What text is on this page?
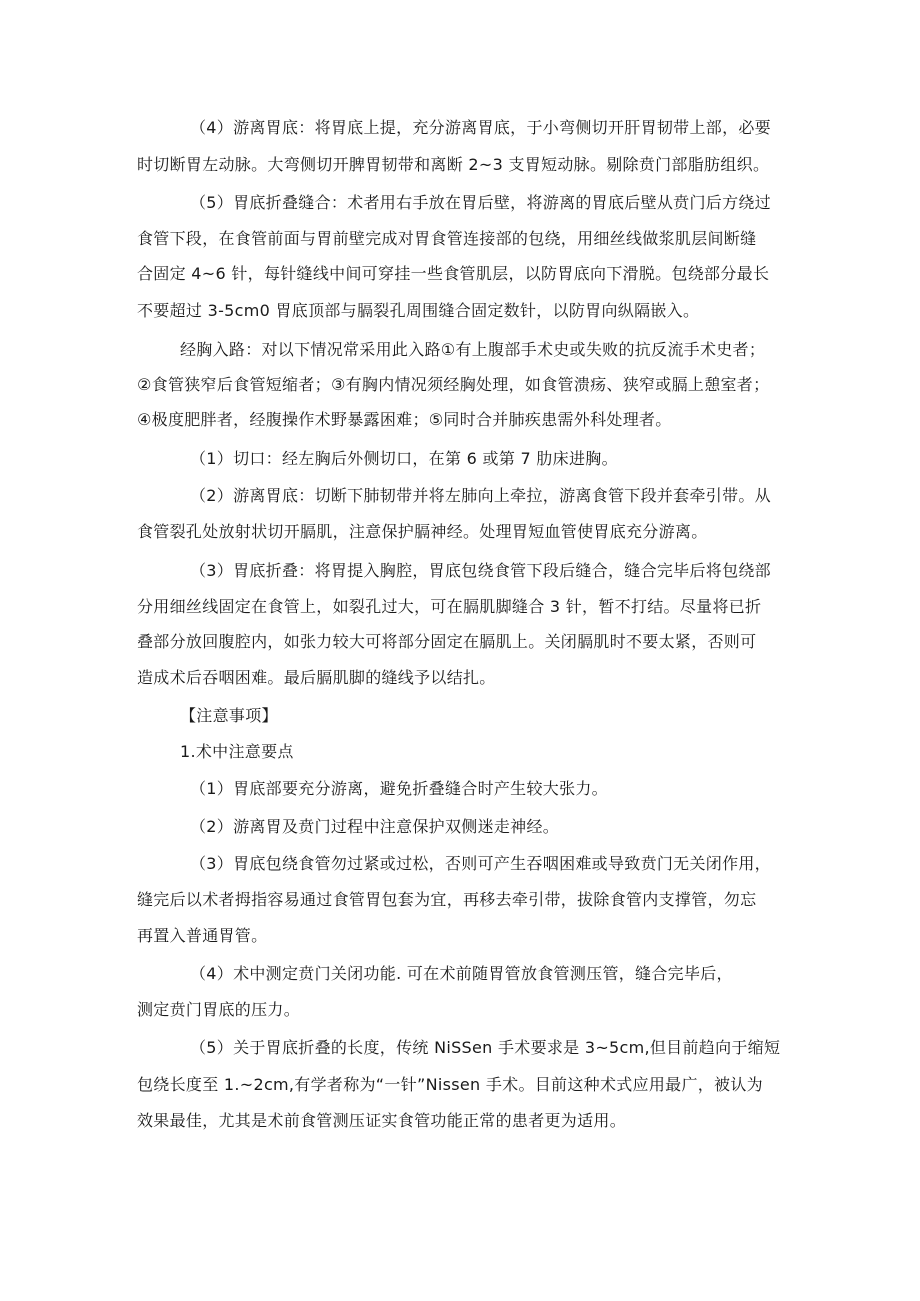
（4）游离胃底：将胃底上提，充分游离胃底，于小弯侧切开肝胃韧带上部，必要
时切断胃左动脉。大弯侧切开脾胃韧带和离断 2~3 支胃短动脉。剔除贲门部脂肪组织。
（5）胃底折叠缝合：术者用右手放在胃后壁，将游离的胃底后壁从贲门后方绕过
食管下段，在食管前面与胃前壁完成对胃食管连接部的包绕，用细丝线做浆肌层间断缝
合固定 4~6 针，每针缝线中间可穿挂一些食管肌层，以防胃底向下滑脱。包绕部分最长
不要超过 3-5cm0 胃底顶部与膈裂孔周围缝合固定数针，以防胃向纵隔嵌入。
经胸入路：对以下情况常采用此入路①有上腹部手术史或失败的抗反流手术史者；
②食管狭窄后食管短缩者；③有胸内情况须经胸处理，如食管溃疡、狭窄或膈上憩室者；
④极度肥胖者，经腹操作术野暴露困难；⑤同时合并肺疾患需外科处理者。
（1）切口：经左胸后外侧切口，在第 6 或第 7 肋床进胸。
（2）游离胃底：切断下肺韧带并将左肺向上牵拉，游离食管下段并套牵引带。从
食管裂孔处放射状切开膈肌，注意保护膈神经。处理胃短血管使胃底充分游离。
（3）胃底折叠：将胃提入胸腔，胃底包绕食管下段后缝合，缝合完毕后将包绕部
分用细丝线固定在食管上，如裂孔过大，可在膈肌脚缝合 3 针，暂不打结。尽量将已折
叠部分放回腹腔内，如张力较大可将部分固定在膈肌上。关闭膈肌时不要太紧，否则可
造成术后吞咽困难。最后膈肌脚的缝线予以结扎。
【注意事项】
1.术中注意要点
（1）胃底部要充分游离，避免折叠缝合时产生较大张力。
（2）游离胃及贲门过程中注意保护双侧迷走神经。
（3）胃底包绕食管勿过紧或过松，否则可产生吞咽困难或导致贲门无关闭作用，
缝完后以术者拇指容易通过食管胃包套为宜，再移去牵引带，拔除食管内支撑管，勿忘
再置入普通胃管。
（4）术中测定贲门关闭功能. 可在术前随胃管放食管测压管，缝合完毕后，
测定贲门胃底的压力。
（5）关于胃底折叠的长度，传统 NiSSen 手术要求是 3~5cm,但目前趋向于缩短
包绕长度至 1.~2cm,有学者称为“一针”Nissen 手术。目前这种术式应用最广，被认为
效果最佳，尤其是术前食管测压证实食管功能正常的患者更为适用。
